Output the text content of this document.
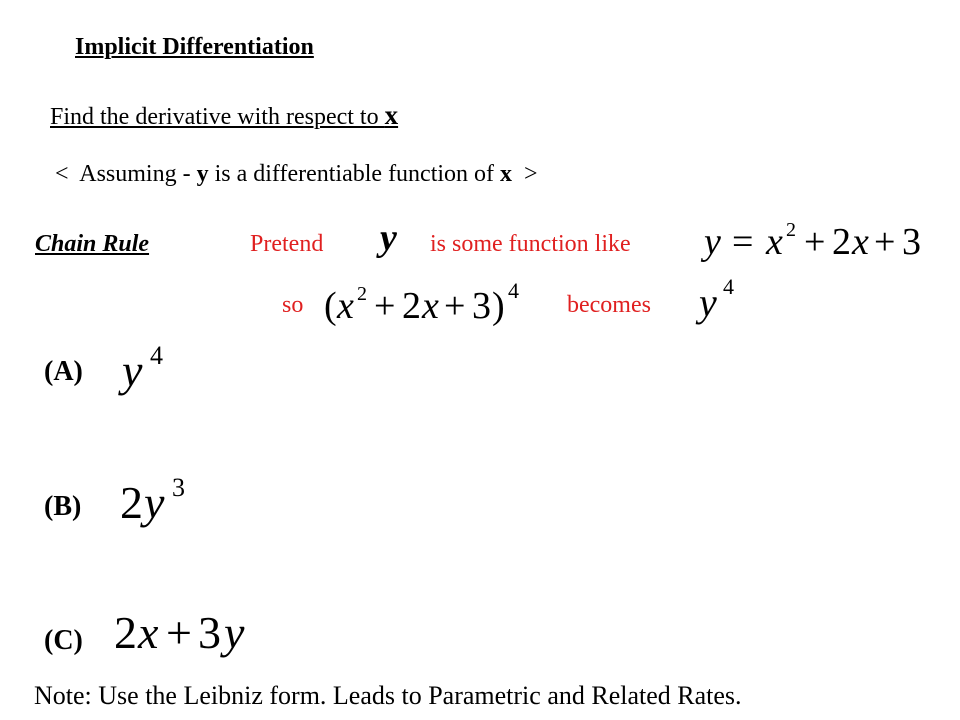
Implicit Differentiation
Find the derivative with respect to x
< Assuming - y is a differentiable function of x >
Chain Rule	Pretend y is some function like y = x 2 + 2 x + 3
so ( x 2 + 2 x + 3 ) 4
becomes y 4
(A) y 4
(B) 2 y 3
(C) 2 x + 3 y
Note: Use the Leibniz form. Leads to Parametric and Related Rates.
